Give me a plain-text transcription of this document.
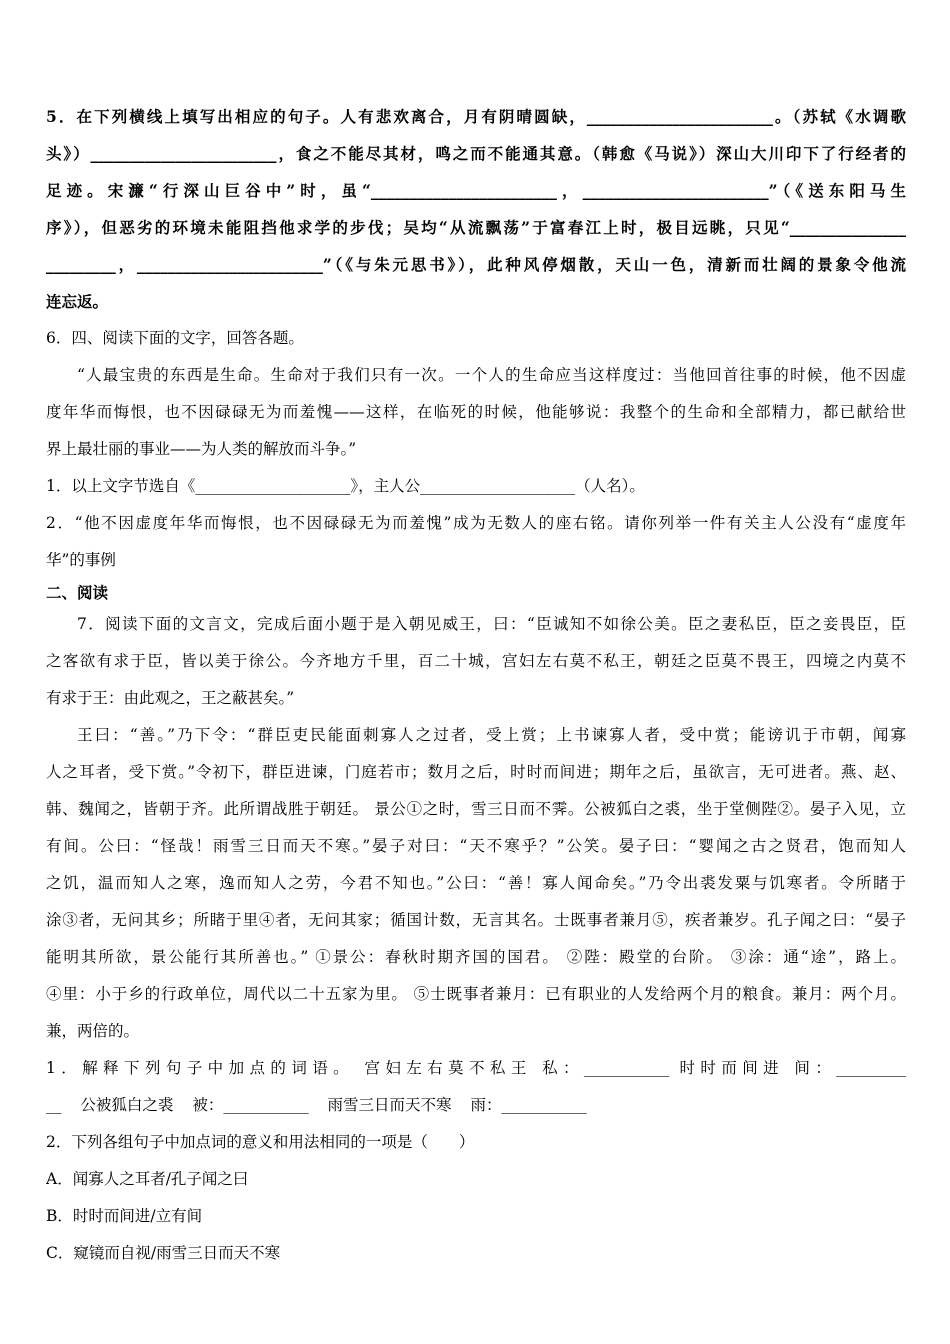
5．在下列横线上填写出相应的句子。人有悲欢离合，月有阴晴圆缺，________________________。（苏轼《水调歌
头》）________________________，食之不能尽其材，鸣之而不能通其意。（韩愈《马说》）深山大川印下了行经者的
足迹。宋濂“行深山巨谷中”时，虽“________________________，________________________”（《送东阳马生
序》），但恶劣的环境未能阻挡他求学的步伐；吴均“从流飘荡”于富春江上时，极目远眺，只见“_______________
_________，________________________”（《与朱元思书》），此种风停烟散，天山一色，清新而壮阔的景象令他流
连忘返。
6．四、阅读下面的文字，回答各题。
“人最宝贵的东西是生命。生命对于我们只有一次。一个人的生命应当这样度过：当他回首往事的时候，他不因虚
度年华而悔恨，也不因碌碌无为而羞愧——这样，在临死的时候，他能够说：我整个的生命和全部精力，都已献给世
界上最壮丽的事业——为人类的解放而斗争。”
1．以上文字节选自《____________________》，主人公____________________（人名）。
2．“他不因虚度年华而悔恨，也不因碌碌无为而羞愧”成为无数人的座右铭。请你列举一件有关主人公没有“虚度年
华”的事例
二、阅读
7．阅读下面的文言文，完成后面小题于是入朝见威王，曰：“臣诚知不如徐公美。臣之妻私臣，臣之妾畏臣，臣
之客欲有求于臣，皆以美于徐公。今齐地方千里，百二十城，宫妇左右莫不私王，朝廷之臣莫不畏王，四境之内莫不
有求于王：由此观之，王之蔽甚矣。”
王曰：“善。”乃下令：“群臣吏民能面刺寡人之过者，受上赏；上书谏寡人者，受中赏；能谤讥于市朝，闻寡
人之耳者，受下赏。”令初下，群臣进谏，门庭若市；数月之后，时时而间进；期年之后，虽欲言，无可进者。燕、赵、
韩、魏闻之，皆朝于齐。此所谓战胜于朝廷。 景公①之时，雪三日而不霁。公被狐白之裘，坐于堂侧陛②。晏子入见，立
有间。公曰：“怪哉！雨雪三日而天不寒。”晏子对曰：“天不寒乎？”公笑。晏子曰：“婴闻之古之贤君，饱而知人
之饥，温而知人之寒，逸而知人之劳，今君不知也。”公曰：“善！寡人闻命矣。”乃令出裘发粟与饥寒者。令所睹于
涂③者，无问其乡；所睹于里④者，无问其家；循国计数，无言其名。士既事者兼月⑤，疾者兼岁。孔子闻之曰：“晏子
能明其所欲，景公能行其所善也。” ①景公：春秋时期齐国的国君。 ②陛：殿堂的台阶。 ③涂：通“途”，路上。
④里：小于乡的行政单位，周代以二十五家为里。 ⑤士既事者兼月：已有职业的人发给两个月的粮食。兼月：两个月。
兼，两倍的。
1．解释下列句子中加点的词语。 宫妇左右莫不私王 私：___________ 时时而间进 间：_________
__ 公被狐白之裘 被：___________ 雨雪三日而天不寒 雨：___________
2．下列各组句子中加点词的意义和用法相同的一项是（　　）
A．闻寡人之耳者/孔子闻之曰
B．时时而间进/立有间
C．窥镜而自视/雨雪三日而天不寒
